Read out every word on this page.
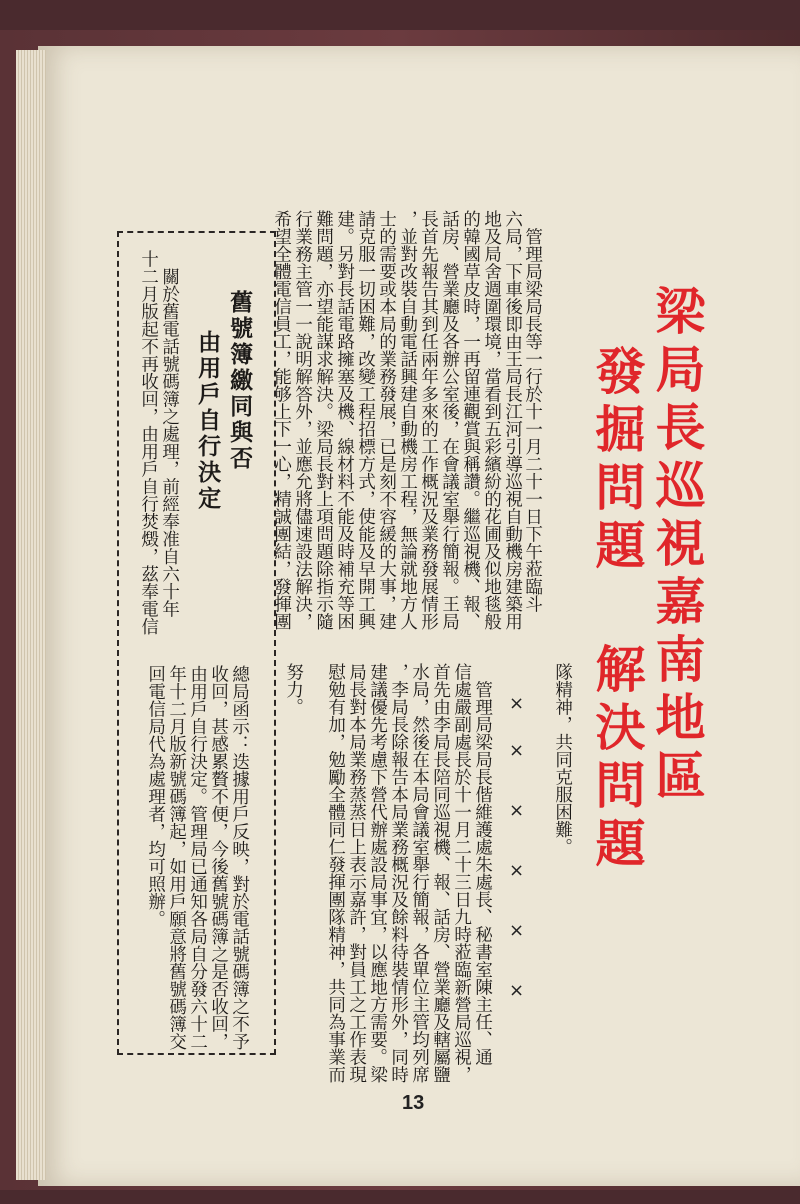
梁局長巡視嘉南地區
發掘問題 解決問題
　管理局梁局長等一行於十一月二十一日下午蒞臨斗
六局，下車後即由王局長江河引導巡視自動機房建築用
地及局舍週圍環境，當看到五彩繽紛的花圃及似地毯般
的韓國草皮時，一再留連觀賞與稱讚。繼巡視機、報、
話房、營業廳及各辦公室後，在會議室舉行簡報。王局
長首先報告其到任兩年多來的工作概況及業務發展情形
，並對改裝自動電話興建自動機房工程，無論就地方人
士的需要或本局的業務發展，已是刻不容緩的大事，建
請克服一切困難，改變工程招標方式，使能及早開工興
建。另對長話電路擁塞及機、線材料不能及時補充等困
難問題，亦望能謀求解決。梁局長對上項問題除指示隨
行業務主管一一說明解答外，並應允將儘速設法解決，
希望全體電信員工，能够上下一心，精誠團結，發揮團
隊精神，共同克服困難。
×
×
×
×
×
×
　管理局梁局長偕維護處朱處長、秘書室陳主任、通
信處嚴副處長於十一月二十三日九時蒞臨新營局巡視，
首先由李局長陪同巡視機、報、話房、營業廳及轄屬鹽
水局，然後在本局會議室舉行簡報，各單位主管均列席
，李局長除報告本局業務概況及餘料待裝情形外，同時
建議優先考慮下營代辦處設局事宜，以應地方需要。梁
局長對本局業務蒸蒸日上表示嘉許，對員工之工作表現
慰勉有加，勉勵全體同仁發揮團隊精神，共同為事業而
努力。
舊號簿繳同與否
由用戶自行決定
　關於舊電話號碼簿之處理，前經奉准自六十年
十二月版起不再收回，由用戶自行焚燬，茲奉電信
總局函示：迭據用戶反映，對於電話號碼簿之不予
收回，甚感累贅不便，今後舊號碼簿之是否收回，
由用戶自行決定。管理局已通知各局自分發六十二
年十二月版新號碼簿起，如用戶願意將舊號碼簿交
回電信局代為處理者，均可照辦。
13
